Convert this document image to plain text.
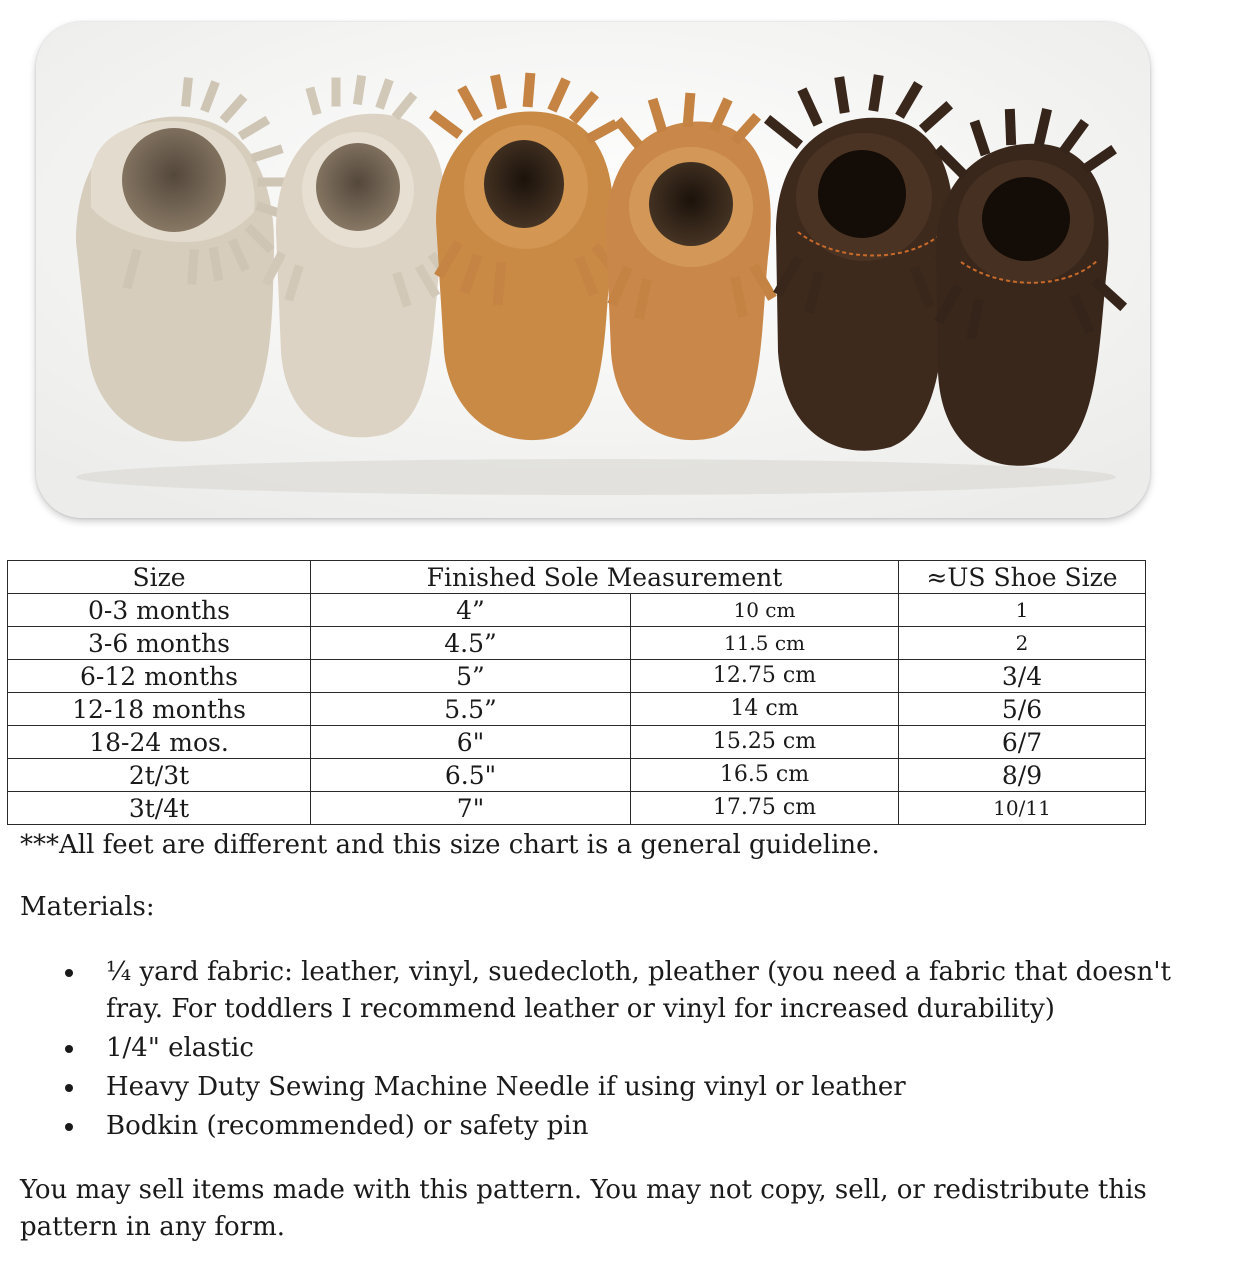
Size	Finished Sole Measurement		≈US Shoe Size
0-3 months	4”	10 cm	1
3-6 months	4.5”	11.5 cm	2
6-12 months	5”	12.75 cm	3/4
12-18 months	5.5”	14 cm	5/6
18-24 mos.	6"	15.25 cm	6/7
2t/3t	6.5"	16.5 cm	8/9
3t/4t	7"	17.75 cm	10/11

***All feet are different and this size chart is a general guideline.

Materials:

¼ yard fabric: leather, vinyl, suedecloth, pleather (you need a fabric that doesn't fray. For toddlers I recommend leather or vinyl for increased durability)
1/4" elastic
Heavy Duty Sewing Machine Needle if using vinyl or leather
Bodkin (recommended) or safety pin

You may sell items made with this pattern. You may not copy, sell, or redistribute this pattern in any form.
